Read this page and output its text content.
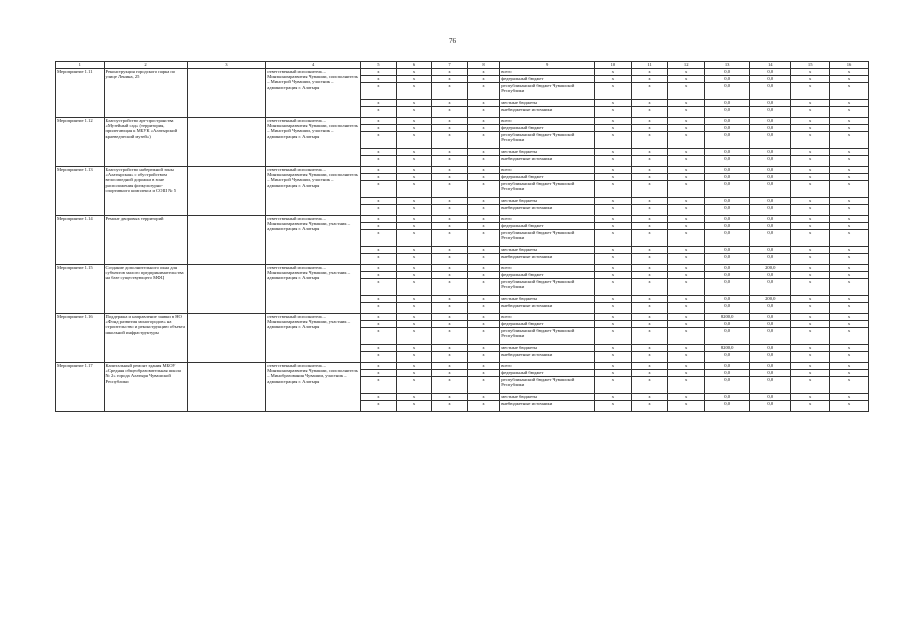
76
1	2	3	4	5	6	7	8	9	10	11	12	13	14	15	16
Мероприятие 1.11	Реконструкция городского парка по улице Ленина, 25		ответственный исполнитель – Минэкономразвития Чувашии, соисполнитель – Минстрой Чувашии, участник – администрация г. Алатыря	х	х	х	х	всего	х	х	х	0,0	0,0	х	х
				х	х	х	х	федеральный бюджет	х	х	х	0,0	0,0	х	х
				х	х	х	х	республиканский бюджет Чувашской Республики	х	х	х	0,0	0,0	х	х
				х	х	х	х	местные бюджеты	х	х	х	0,0	0,0	х	х
				х	х	х	х	внебюджетные источники	х	х	х	0,0	0,0	х	х
Мероприятие 1.12	Благоустройство арт-пространства «Музейный сад» (территория, прилегающая к МБУК «Алатырский краеведческий музей»)		ответственный исполнитель – Минэкономразвития Чувашии, соисполнитель – Минстрой Чувашии, участник – администрация г. Алатыря	х	х	х	х	всего	х	х	х	0,0	0,0	х	х
				х	х	х	х	федеральный бюджет	х	х	х	0,0	0,0	х	х
				х	х	х	х	республиканский бюджет Чувашской Республики	х	х	х	0,0	0,0	х	х
				х	х	х	х	местные бюджеты	х	х	х	0,0	0,0	х	х
				х	х	х	х	внебюджетные источники	х	х	х	0,0	0,0	х	х
Мероприятие 1.13	Благоустройство набережной зоны «Алатырская» с обустройством велосипедной дорожки в зоне расположения физкультурно-спортивного комплекса и СОШ № 5		ответственный исполнитель – Минэкономразвития Чувашии, соисполнитель – Минстрой Чувашии, участник – администрация г. Алатыря	х	х	х	х	всего	х	х	х	0,0	0,0	х	х
				х	х	х	х	федеральный бюджет	х	х	х	0,0	0,0	х	х
				х	х	х	х	республиканский бюджет Чувашской Республики	х	х	х	0,0	0,0	х	х
				х	х	х	х	местные бюджеты	х	х	х	0,0	0,0	х	х
				х	х	х	х	внебюджетные источники	х	х	х	0,0	0,0	х	х
Мероприятие 1.14	Ремонт дворовых территорий		ответственный исполнитель – Минэкономразвития Чувашии, участник – администрация г. Алатыря	х	х	х	х	всего	х	х	х	0,0	0,0	х	х
				х	х	х	х	федеральный бюджет	х	х	х	0,0	0,0	х	х
				х	х	х	х	республиканский бюджет Чувашской Республики	х	х	х	0,0	0,0	х	х
				х	х	х	х	местные бюджеты	х	х	х	0,0	0,0	х	х
				х	х	х	х	внебюджетные источники	х	х	х	0,0	0,0	х	х
Мероприятие 1.15	Создание дополнительного окна для субъектов малого предпринимательства на базе существующего МФЦ		ответственный исполнитель – Минэкономразвития Чувашии, участник – администрация г. Алатыря	х	х	х	х	всего	х	х	х	0,0	200,0	х	х
				х	х	х	х	федеральный бюджет	х	х	х	0,0	0,0	х	х
				х	х	х	х	республиканский бюджет Чувашской Республики	х	х	х	0,0	0,0	х	х
				х	х	х	х	местные бюджеты	х	х	х	0,0	200,0	х	х
				х	х	х	х	внебюджетные источники	х	х	х	0,0	0,0	х	х
Мероприятие 1.16	Поддержка и направление заявки в НО «Фонд развития моногородов» на строительство и реконструкцию объекта школьной инфраструктуры		ответственный исполнитель – Минэкономразвития Чувашии, участник – администрация г. Алатыря	х	х	х	х	всего	х	х	х	8200,0	0,0	х	х
				х	х	х	х	федеральный бюджет	х	х	х	0,0	0,0	х	х
				х	х	х	х	республиканский бюджет Чувашской Республики	х	х	х	0,0	0,0	х	х
				х	х	х	х	местные бюджеты	х	х	х	8200,0	0,0	х	х
				х	х	х	х	внебюджетные источники	х	х	х	0,0	0,0	х	х
Мероприятие 1.17	Капитальный ремонт здания МБОУ «Средняя общеобразовательная школа № 2» города Алатыря Чувашской Республики		ответственный исполнитель – Минэкономразвития Чувашии, соисполнитель – Минобразования Чувашии, участник – администрация г. Алатыря	х	х	х	х	всего	х	х	х	0,0	0,0	х	х
				х	х	х	х	федеральный бюджет	х	х	х	0,0	0,0	х	х
				х	х	х	х	республиканский бюджет Чувашской Республики	х	х	х	0,0	0,0	х	х
				х	х	х	х	местные бюджеты	х	х	х	0,0	0,0	х	х
				х	х	х	х	внебюджетные источники	х	х	х	0,0	0,0	х	х
